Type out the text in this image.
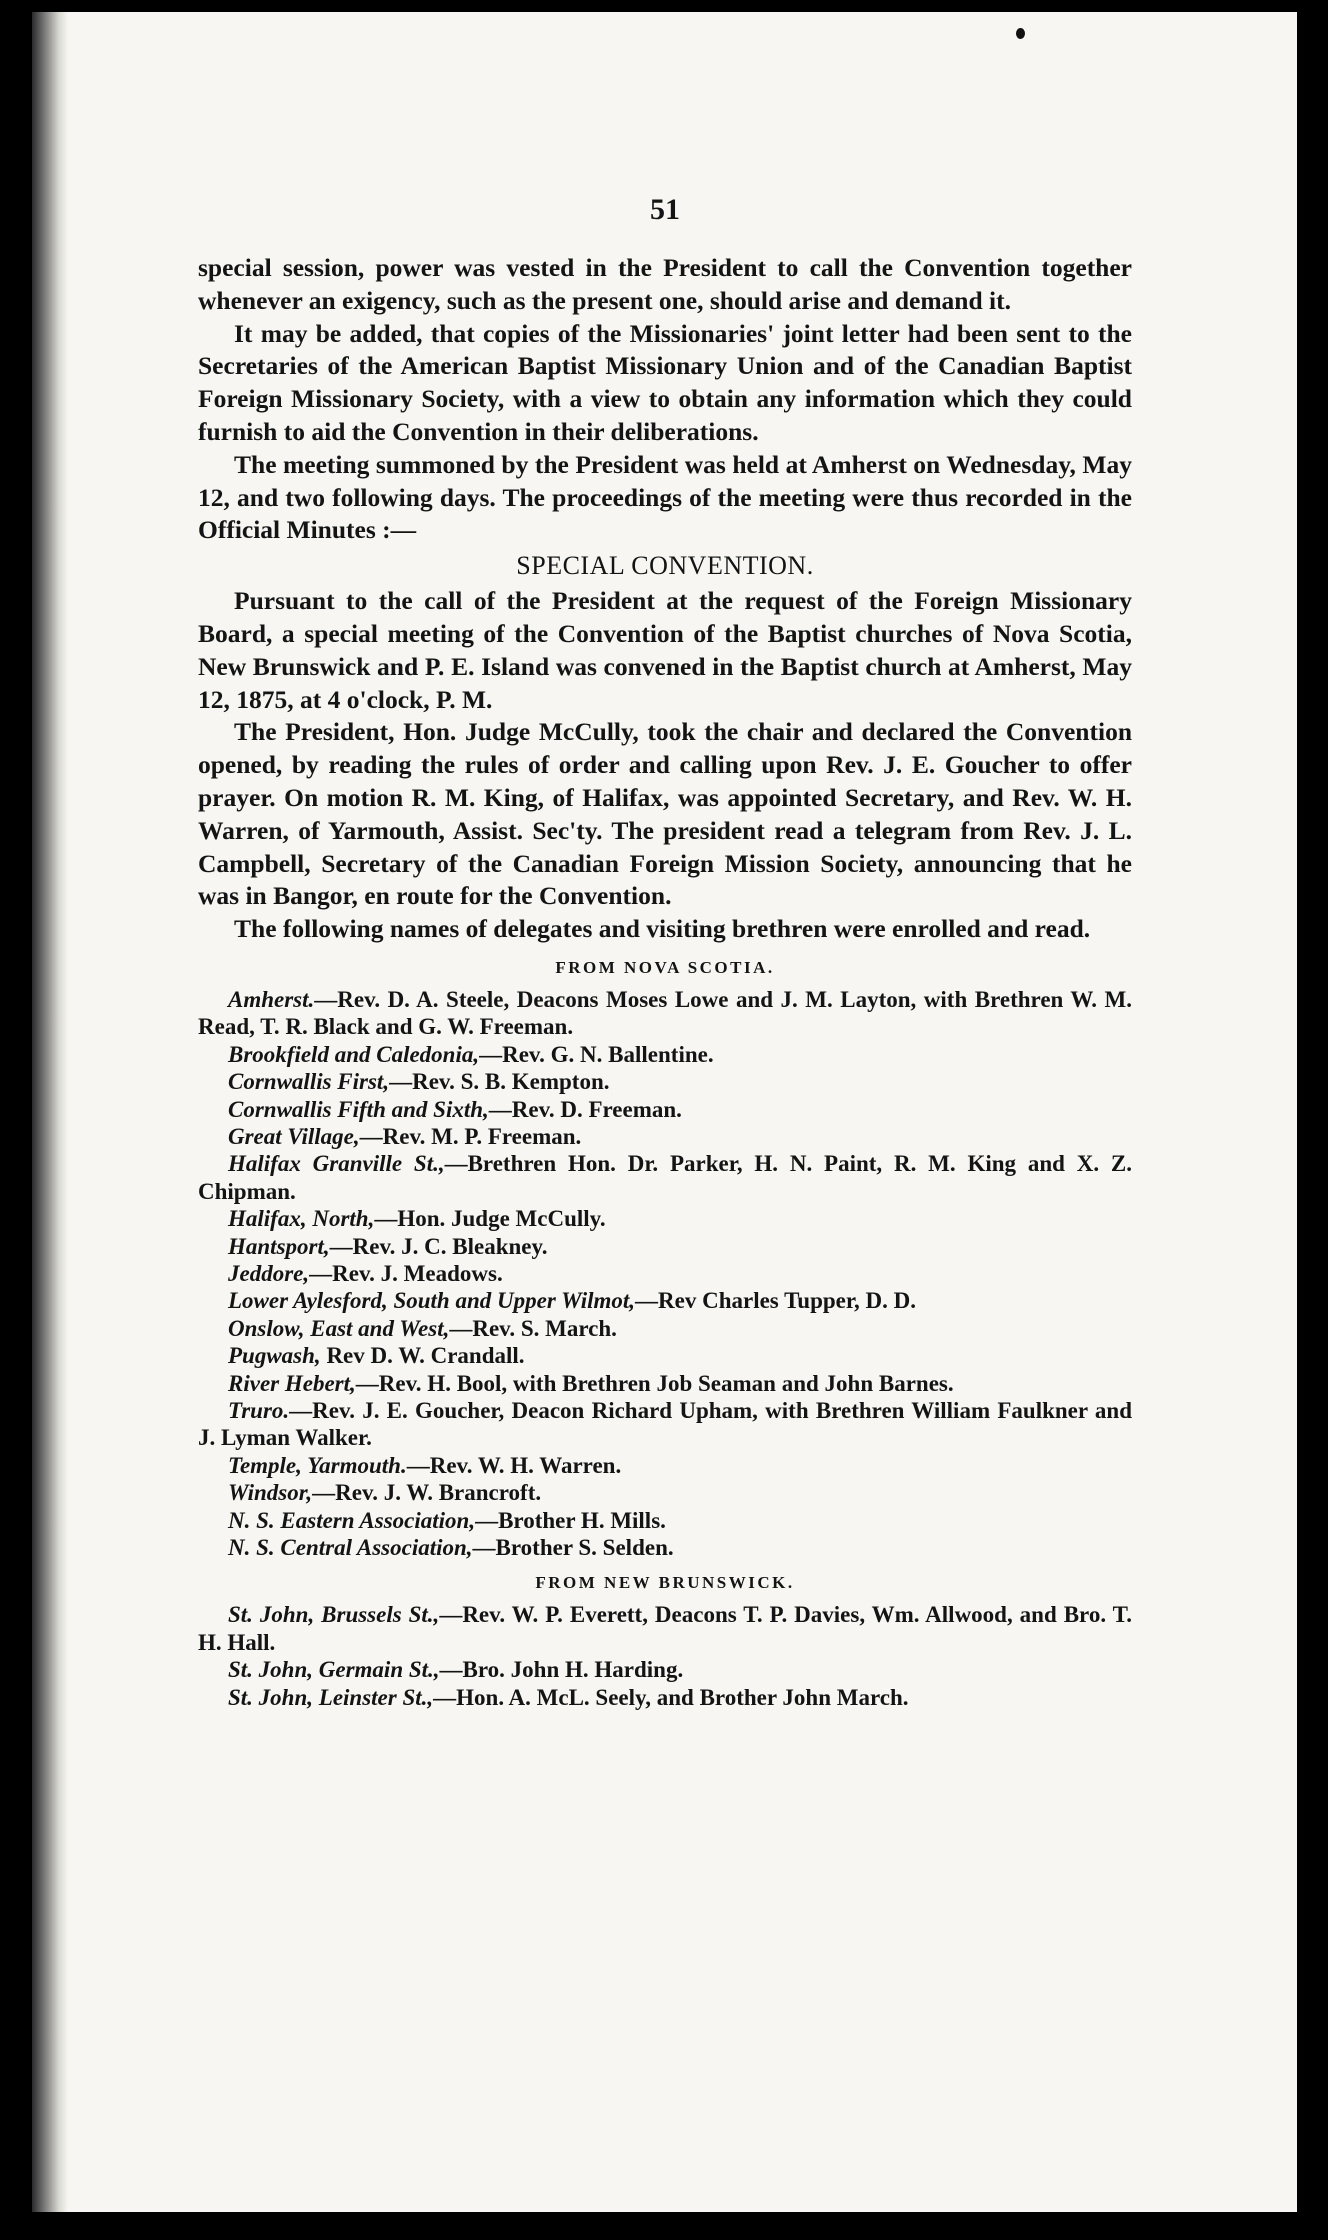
51

special session, power was vested in the President to call the Convention together whenever an exigency, such as the present one, should arise and demand it.

It may be added, that copies of the Missionaries' joint letter had been sent to the Secretaries of the American Baptist Missionary Union and of the Canadian Baptist Foreign Missionary Society, with a view to obtain any information which they could furnish to aid the Convention in their deliberations.

The meeting summoned by the President was held at Amherst on Wednesday, May 12, and two following days. The proceedings of the meeting were thus recorded in the Official Minutes :—

SPECIAL CONVENTION.

Pursuant to the call of the President at the request of the Foreign Missionary Board, a special meeting of the Convention of the Baptist churches of Nova Scotia, New Brunswick and P. E. Island was convened in the Baptist church at Amherst, May 12, 1875, at 4 o'clock, P. M.

The President, Hon. Judge McCully, took the chair and declared the Convention opened, by reading the rules of order and calling upon Rev. J. E. Goucher to offer prayer. On motion R. M. King, of Halifax, was appointed Secretary, and Rev. W. H. Warren, of Yarmouth, Assist. Sec'ty. The president read a telegram from Rev. J. L. Campbell, Secretary of the Canadian Foreign Mission Society, announcing that he was in Bangor, en route for the Convention.

The following names of delegates and visiting brethren were enrolled and read.

FROM NOVA SCOTIA.

Amherst.—Rev. D. A. Steele, Deacons Moses Lowe and J. M. Layton, with Brethren W. M. Read, T. R. Black and G. W. Freeman.

Brookfield and Caledonia,—Rev. G. N. Ballentine.

Cornwallis First,—Rev. S. B. Kempton.

Cornwallis Fifth and Sixth,—Rev. D. Freeman.

Great Village,—Rev. M. P. Freeman.

Halifax Granville St.,—Brethren Hon. Dr. Parker, H. N. Paint, R. M. King and X. Z. Chipman.

Halifax, North,—Hon. Judge McCully.

Hantsport,—Rev. J. C. Bleakney.

Jeddore,—Rev. J. Meadows.

Lower Aylesford, South and Upper Wilmot,—Rev Charles Tupper, D. D.

Onslow, East and West,—Rev. S. March.

Pugwash, Rev D. W. Crandall.

River Hebert,—Rev. H. Bool, with Brethren Job Seaman and John Barnes.

Truro.—Rev. J. E. Goucher, Deacon Richard Upham, with Brethren William Faulkner and J. Lyman Walker.

Temple, Yarmouth.—Rev. W. H. Warren.

Windsor,—Rev. J. W. Brancroft.

N. S. Eastern Association,—Brother H. Mills.

N. S. Central Association,—Brother S. Selden.

FROM NEW BRUNSWICK.

St. John, Brussels St.,—Rev. W. P. Everett, Deacons T. P. Davies, Wm. Allwood, and Bro. T. H. Hall.

St. John, Germain St.,—Bro. John H. Harding.

St. John, Leinster St.,—Hon. A. McL. Seely, and Brother John March.
